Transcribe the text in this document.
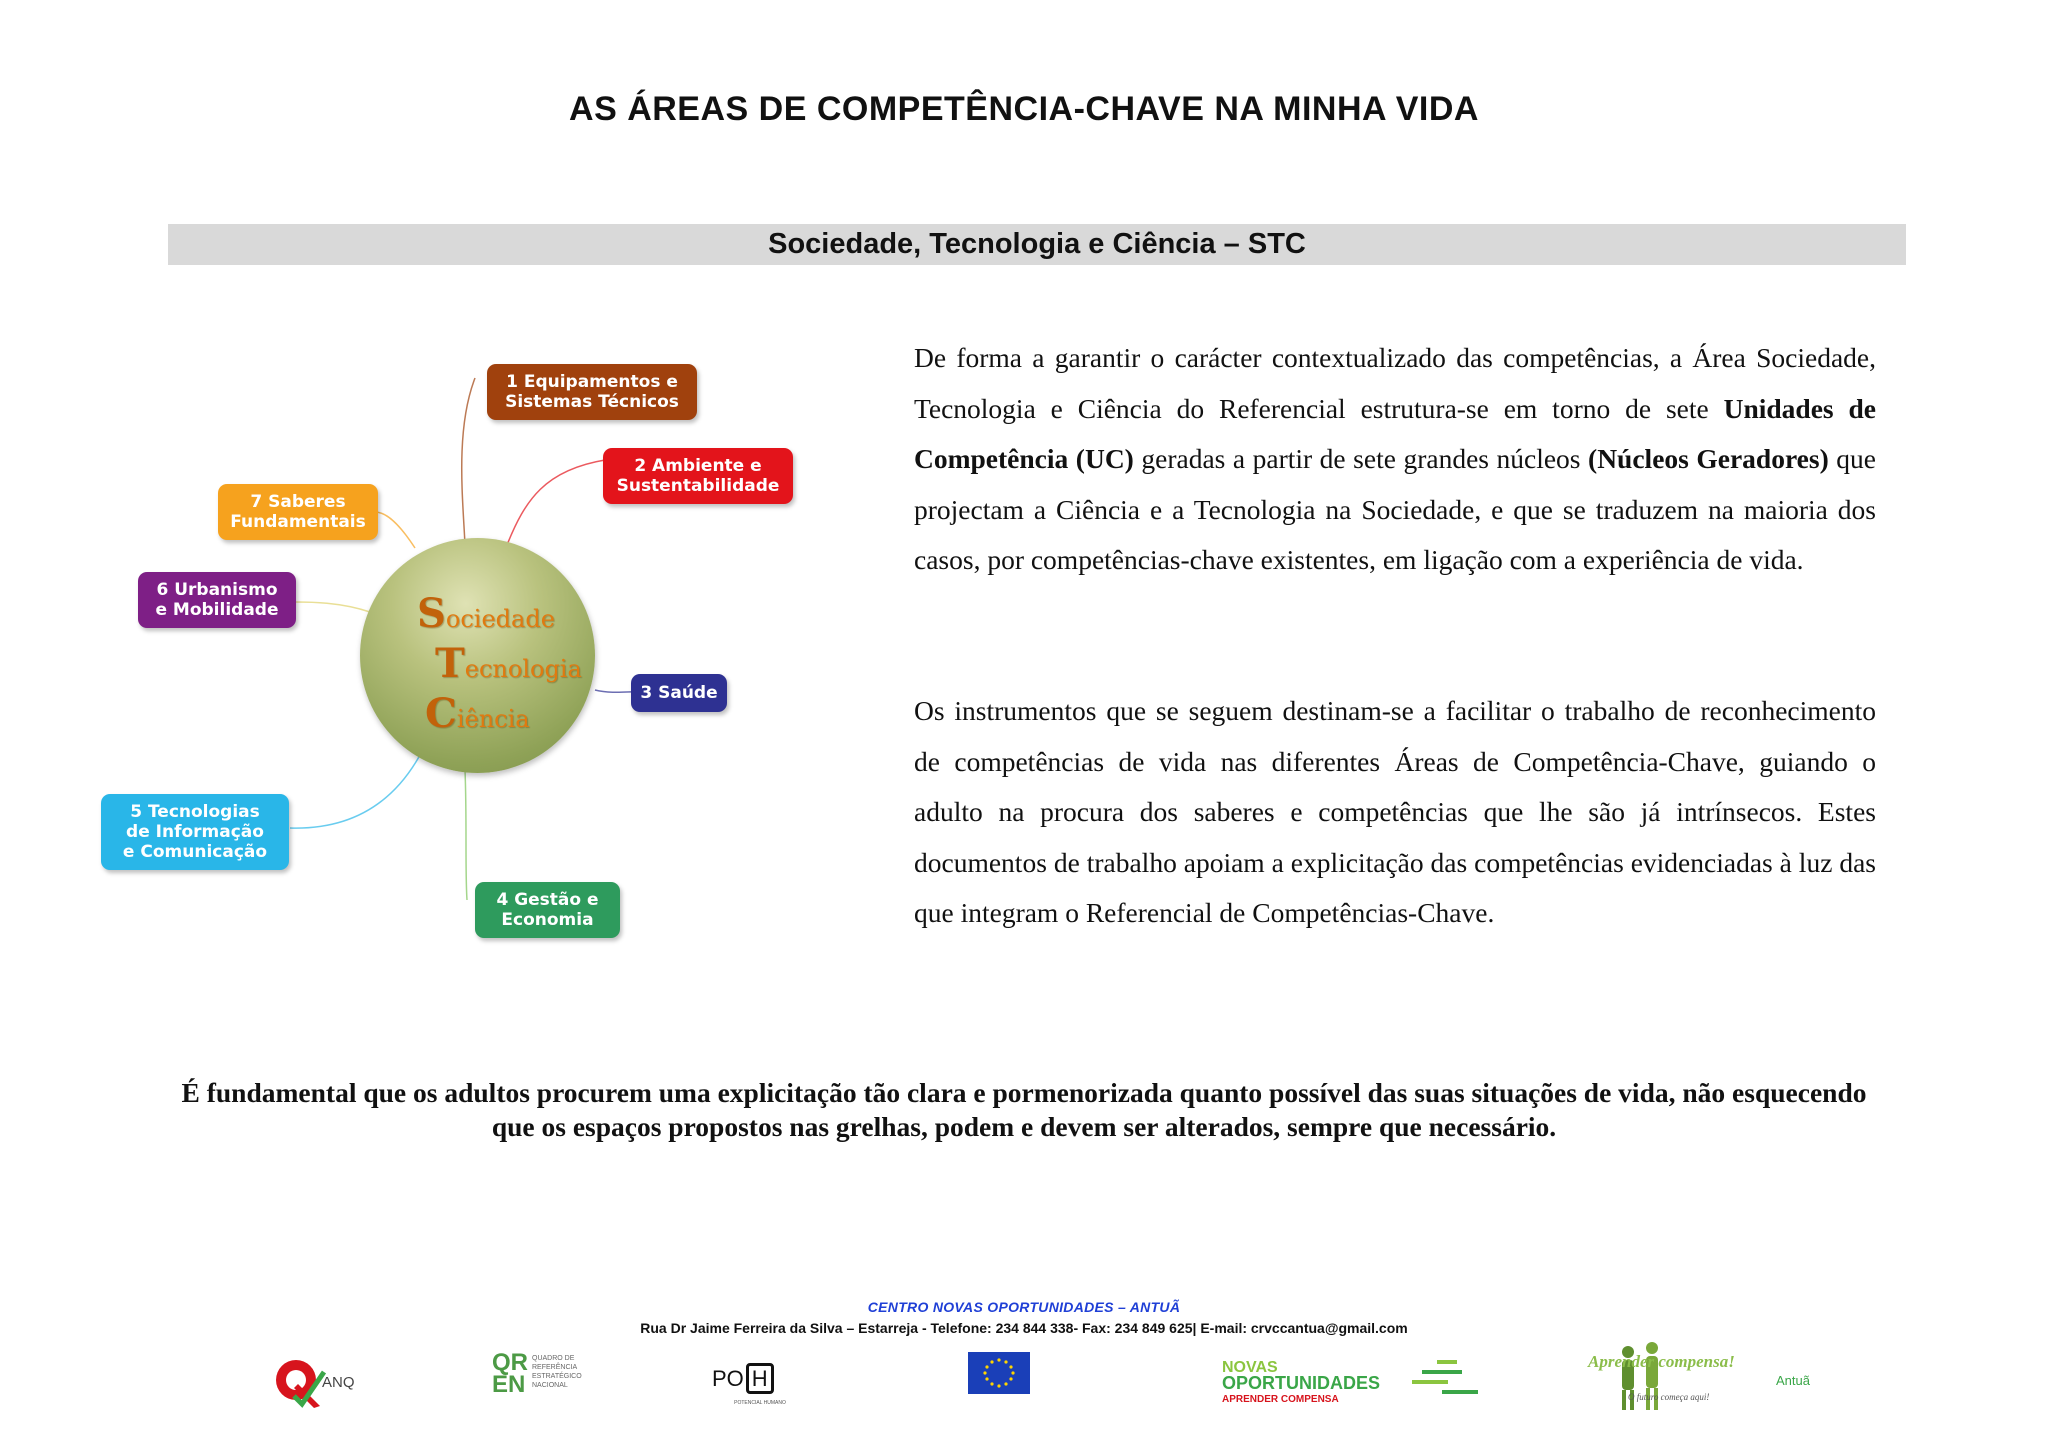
AS ÁREAS DE COMPETÊNCIA-CHAVE NA MINHA VIDA
Sociedade, Tecnologia e Ciência – STC
1 Equipamentos e
Sistemas Técnicos
2 Ambiente e
Sustentabilidade
3 Saúde
4 Gestão e
Economia
5 Tecnologias
de Informação
e Comunicação
6 Urbanismo
e Mobilidade
7 Saberes
Fundamentais
Sociedade
Tecnologia
Ciência

De forma a garantir o carácter contextualizado das competências, a Área Sociedade, Tecnologia e Ciência do Referencial estrutura-se em torno de sete Unidades de Competência (UC) geradas a partir de sete grandes núcleos (Núcleos Geradores) que projectam a Ciência e a Tecnologia na Sociedade, e que se traduzem na maioria dos casos, por competências-chave existentes, em ligação com a experiência de vida.

Os instrumentos que se seguem destinam-se a facilitar o trabalho de reconhecimento de competências de vida nas diferentes Áreas de Competência-Chave, guiando o adulto na procura dos saberes e competências que lhe são já intrínsecos. Estes documentos de trabalho apoiam a explicitação das competências evidenciadas à luz das que integram o Referencial de Competências-Chave.

É fundamental que os adultos procurem uma explicitação tão clara e pormenorizada quanto possível das suas situações de vida, não esquecendo que os espaços propostos nas grelhas, podem e devem ser alterados, sempre que necessário.

CENTRO NOVAS OPORTUNIDADES – ANTUÃ
Rua Dr Jaime Ferreira da Silva – Estarreja - Telefone: 234 844 338- Fax: 234 849 625| E-mail: crvccantua@gmail.com
ANQ
QR
EN
QUADRO DE REFERÊNCIA ESTRATÉGICO NACIONAL	PO H
POTENCIAL HUMANO
NOVAS
OPORTUNIDADES
APRENDER COMPENSA
Aprender compensa!
O futuro começa aqui!
Antuã
